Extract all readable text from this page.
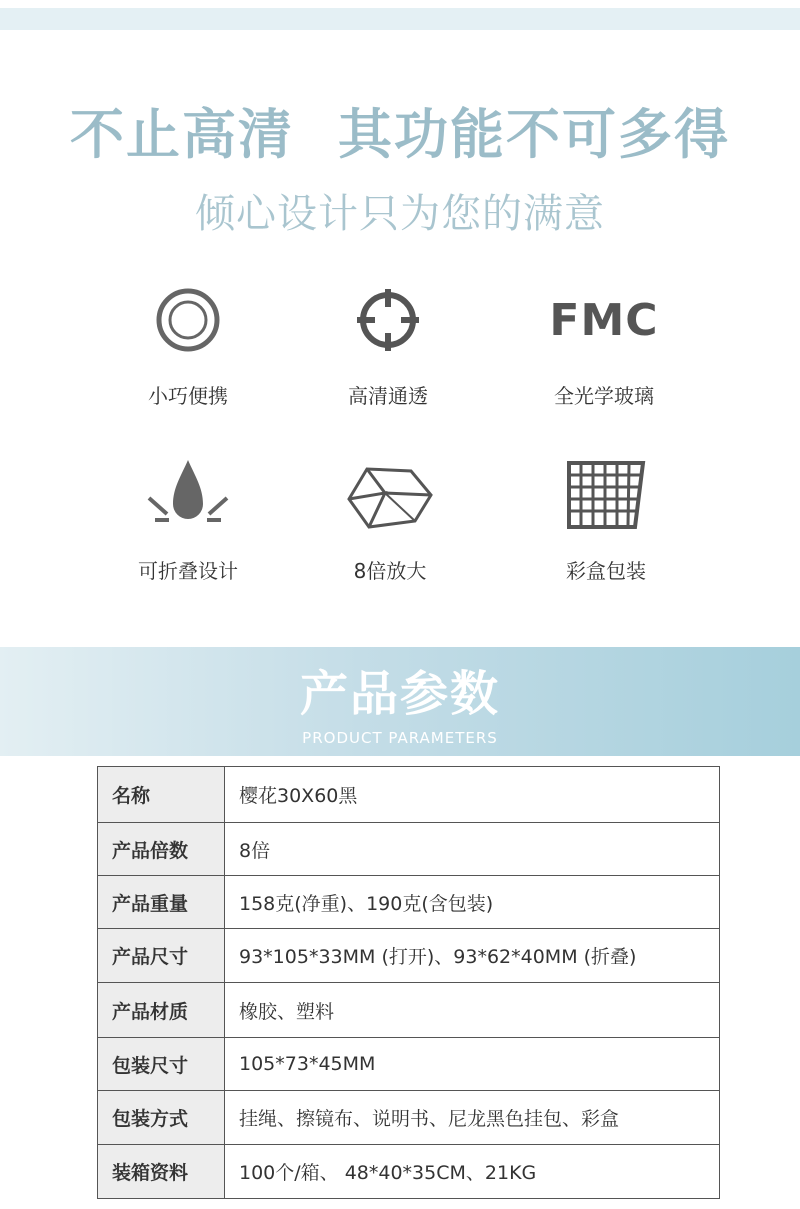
不止高清 其功能不可多得
倾心设计只为您的满意
小巧便携	高清通透
FMC
全光学玻璃
可折叠设计	8倍放大	彩盒包装
产品参数
PRODUCT PARAMETERS
名称	樱花30X60黑
产品倍数	8倍
产品重量	158克(净重)、190克(含包装)
产品尺寸	93*105*33MM (打开)、93*62*40MM (折叠)
产品材质	橡胶、塑料
包装尺寸	105*73*45MM
包装方式	挂绳、擦镜布、说明书、尼龙黑色挂包、彩盒
装箱资料	100个/箱、 48*40*35CM、21KG
